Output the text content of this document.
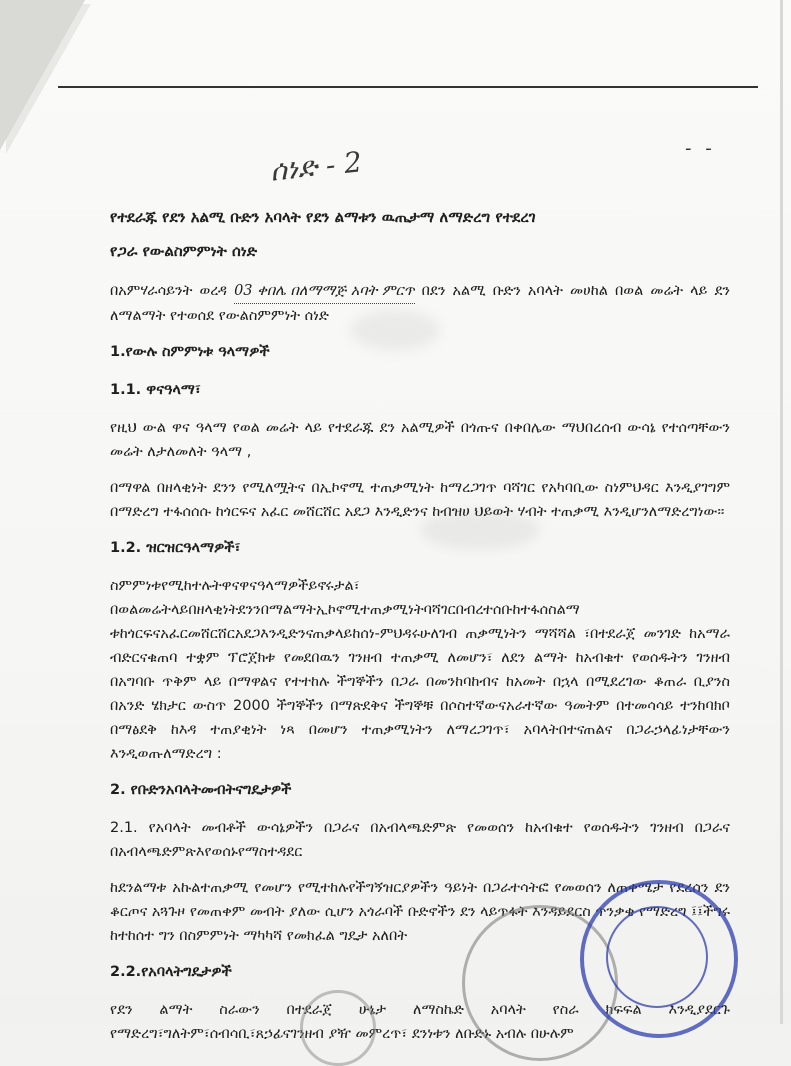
ሰነድ - 2	- -

የተደራጁ የደን አልሚ ቡድን አባላት የደን ልማቱን ዉጤታማ ለማድረግ የተደረገ

የጋራ የውልስምምነት ሰነድ

በአምሃራሳይንት ወረዳ 03 ቀበሌ በለማማጅ አባት ምርጥ በደን አልሚ ቡድን አባላት መሀከል በወል መሬት ላይ ደን ለማልማት የተወሰደ የውልስምምነት ሰነድ

1.የውሉ ስምምነቱ ዓላማዎች

1.1. ዋናዓላማ፣

የዚህ ውል ዋና ዓላማ የወል መሬት ላይ የተደራጁ ደን አልሚዎች በጎጡና በቀበሌው ማህበረሰብ ውሳኔ የተሰጣቸውን መሬት ለታለመለት ዓላማ ,

በማዋል በዘላቂነት ደንን የሚለሟትና በኢኮኖሚ ተጠቃሚነት ከማረጋገጥ ባሻገር የአካባቢው ስነምህዳር እንዲያገግም በማድረግ ተፋሰሰሱ ከጎርፍና አፈር መሸርሸር አደጋ እንዲድንና ከብዝሀ ህይወት ሃብት ተጠቃሚ እንዲሆንለማድረግነው፡፡

1.2. ዝርዝርዓላማዎች፣

ስምምነቱየሚከተሉትዋናዋናዓላማዎችይኖሩታል፣ በወልመሬትላይበዘላቂነትደንንበማልማትኢኮኖሚተጠቃሚነትባሻገርበብረተሰቡከተፋሰስልማ ቱከጎርፍናአፈርመሸርሸርአደጋእንዲድንናጠቃላይከሰነ-ምህዳሩሁለገብ ጠቃሚነትን ማሻሻል ፣በተደራጀ መንገድ ከአማራ ብድርናቁጠባ ተቋም ፕሮጀክቱ የመደበዉን ገንዘብ ተጠቃሚ ለመሆን፣ ለደን ልማት ከአብቁተ የወሰዱትን ገንዘብ በአግባቡ ጥቅም ላይ በማዋልና የተተከሉ ችግኞችን በጋራ በመንከባከብና ከአመት በኋላ በሚደረገው ቆጠራ ቢያንስ በአንድ ሄክታር ውስጥ 2000 ችግኞችን በማጽደቅና ችግኞቹ በሶስተኛውናአራተኛው ዓመትም በተመሳሳይ ተንከባክቦ በማፅደቅ ከእዳ ተጠያቂነት ነጻ በመሆን ተጠቃሚነትን ለማረጋገጥ፣ አባላትበተናጠልና በጋራኃላፊነታቸውን እንዲወጡለማድረግ :

2. የቡድንአባላትመብትናግዴታዎች

2.1. የአባላት መብቶች ውሳኔዎችን በጋራና በአብላጫድምጽ የመወሰን ከአብቁተ የወሰዱትን ገንዘብ በጋራና በአብላጫድምጽእየወሰኑየማስተዳደር

ከደንልማቱ አኩልተጠቃሚ የመሆን የሚተከሉየችግኝዝርያዎችን ዓይነት በጋራተሳትፎ የመወሰን ለጠቀሜታ የደረሰን ደን ቆርጦና አጓጉዞ የመጠቀም መብት ያለው ሲሆን አጎራባች ቡድኖችን ደን ላይጥፋት እንዳይደርስ ጥንቃቄ የማድረግ ፤፤ችግሩ ከተከሰተ ግን በስምምነት ማካካሻ የመክፈል ግዴታ አለበት

2.2.የአባላትግዴታዎች

የደን ልማት ስራውን በተደራጀ ሁኔታ ለማስኬድ አባላት የስራ ክፍፍል እንዲያደርጉ የማድረግ፣ግለትም፣ሰብሳቢ፣ጸኃፊናገንዘብ ያዥ መምረጥ፣ ደንነቱን ለቡድኑ አብሉ በሁሉም
